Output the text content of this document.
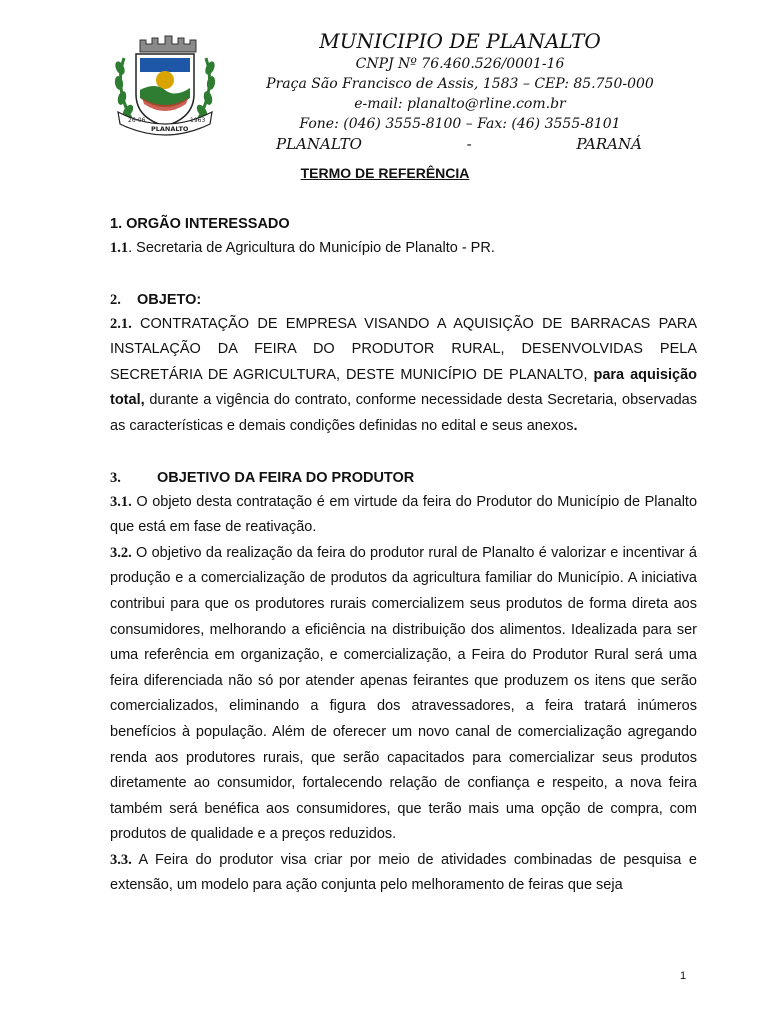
26-06	1963
PLANALTO

MUNICIPIO DE PLANALTO

CNPJ Nº 76.460.526/0001-16

Praça São Francisco de Assis, 1583 – CEP: 85.750-000

e-mail: planalto@rline.com.br

Fone: (046) 3555-8100 – Fax: (46) 3555-8101

PLANALTO	-	PARANÁ
TERMO DE REFERÊNCIA

1. ORGÃO INTERESSADO

1.1. Secretaria de Agricultura do Município de Planalto - PR.

2. OBJETO:

2.1. CONTRATAÇÃO DE EMPRESA VISANDO A AQUISIÇÃO DE BARRACAS PARA INSTALAÇÃO DA FEIRA DO PRODUTOR RURAL, DESENVOLVIDAS PELA SECRETÁRIA DE AGRICULTURA, DESTE MUNICÍPIO DE PLANALTO, para aquisição total, durante a vigência do contrato, conforme necessidade desta Secretaria, observadas as características e demais condições definidas no edital e seus anexos.

3. OBJETIVO DA FEIRA DO PRODUTOR

3.1. O objeto desta contratação é em virtude da feira do Produtor do Município de Planalto que está em fase de reativação.

3.2. O objetivo da realização da feira do produtor rural de Planalto é valorizar e incentivar á produção e a comercialização de produtos da agricultura familiar do Município. A iniciativa contribui para que os produtores rurais comercializem seus produtos de forma direta aos consumidores, melhorando a eficiência na distribuição dos alimentos. Idealizada para ser uma referência em organização, e comercialização, a Feira do Produtor Rural será uma feira diferenciada não só por atender apenas feirantes que produzem os itens que serão comercializados, eliminando a figura dos atravessadores, a feira tratará inúmeros benefícios à população. Além de oferecer um novo canal de comercialização agregando renda aos produtores rurais, que serão capacitados para comercializar seus produtos diretamente ao consumidor, fortalecendo relação de confiança e respeito, a nova feira também será benéfica aos consumidores, que terão mais uma opção de compra, com produtos de qualidade e a preços reduzidos.

3.3. A Feira do produtor visa criar por meio de atividades combinadas de pesquisa e extensão, um modelo para ação conjunta pelo melhoramento de feiras que seja

1
